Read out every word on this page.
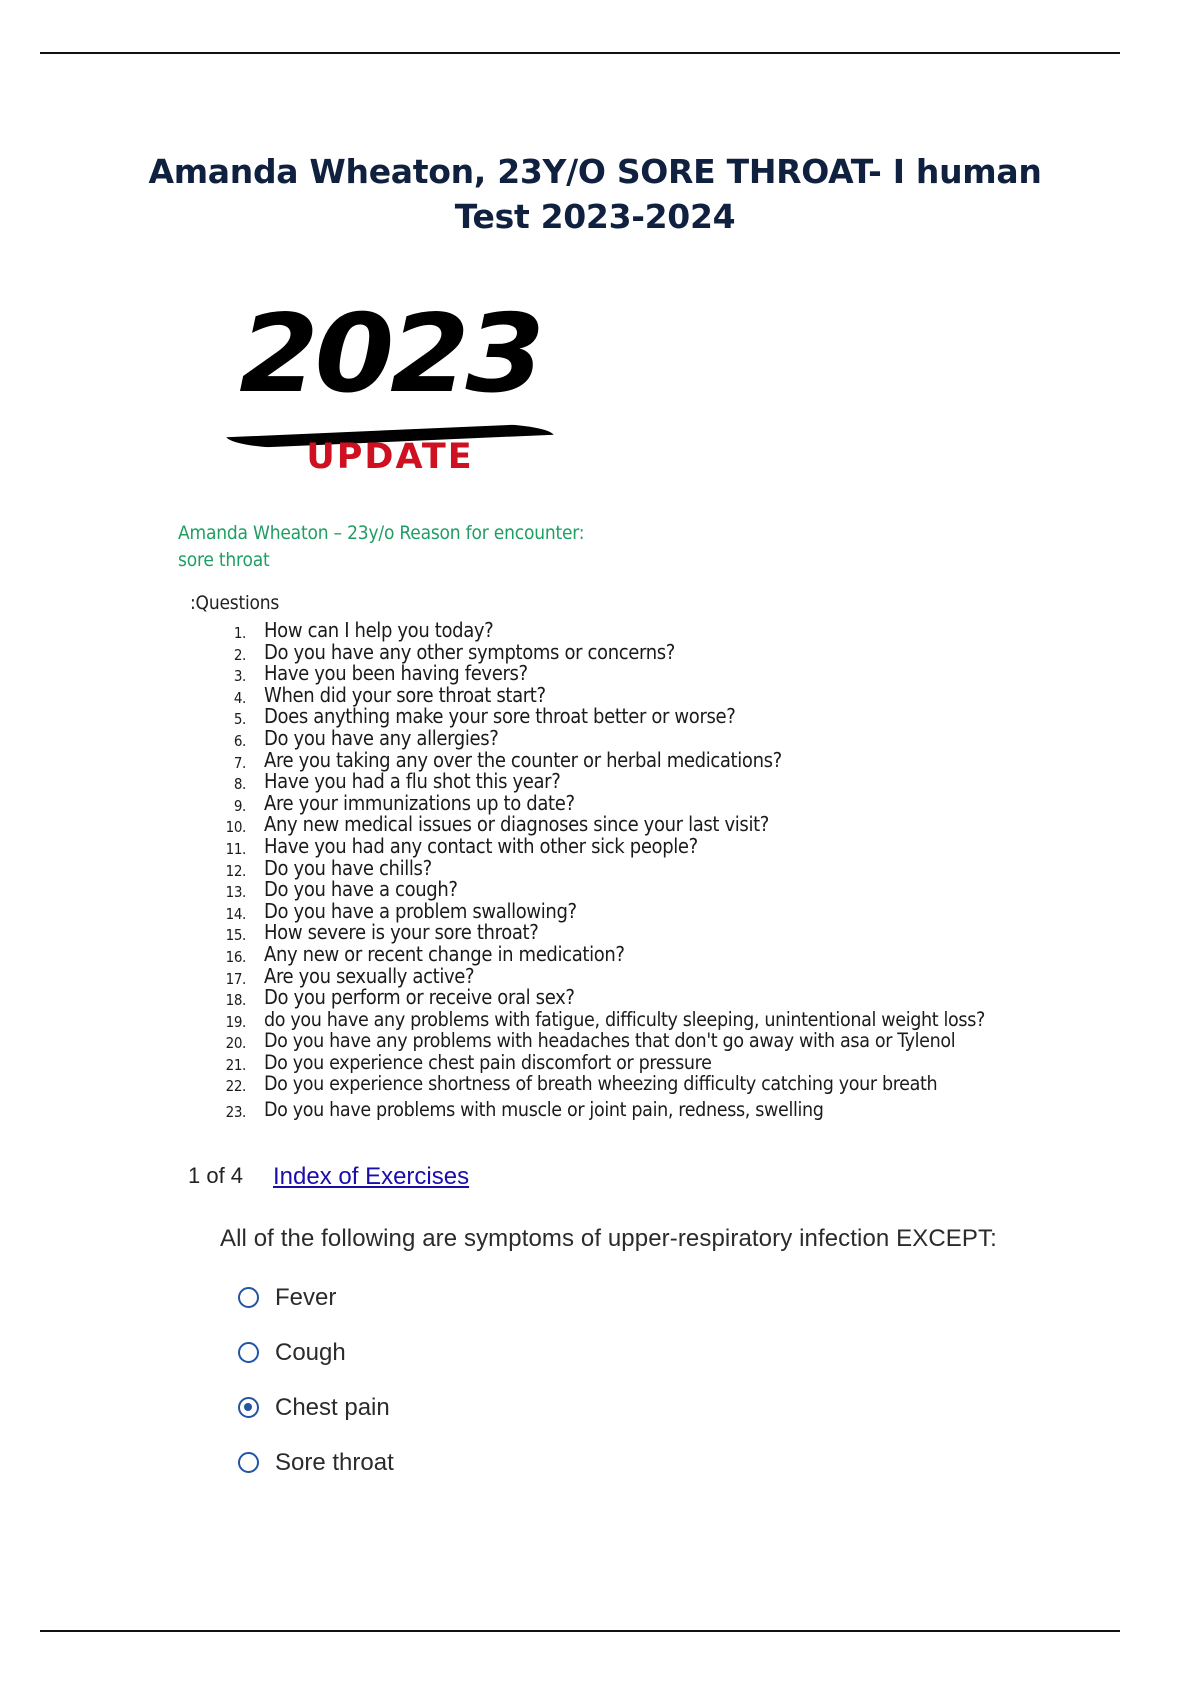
Amanda Wheaton, 23Y/O SORE THROAT- I human Test 2023-2024
2023
UPDATE
Amanda Wheaton – 23y/o Reason for encounter: sore throat
:Questions
1. How can I help you today?
2. Do you have any other symptoms or concerns?
3. Have you been having fevers?
4. When did your sore throat start?
5. Does anything make your sore throat better or worse?
6. Do you have any allergies?
7. Are you taking any over the counter or herbal medications?
8. Have you had a flu shot this year?
9. Are your immunizations up to date?
10. Any new medical issues or diagnoses since your last visit?
11. Have you had any contact with other sick people?
12. Do you have chills?
13. Do you have a cough?
14. Do you have a problem swallowing?
15. How severe is your sore throat?
16. Any new or recent change in medication?
17. Are you sexually active?
18. Do you perform or receive oral sex?
19. do you have any problems with fatigue, difficulty sleeping, unintentional weight loss?
20. Do you have any problems with headaches that don't go away with asa or Tylenol
21. Do you experience chest pain discomfort or pressure
22. Do you experience shortness of breath wheezing difficulty catching your breath
23. Do you have problems with muscle or joint pain, redness, swelling
1 of 4 Index of Exercises
All of the following are symptoms of upper-respiratory infection EXCEPT:
Fever
Cough
Chest pain
Sore throat
